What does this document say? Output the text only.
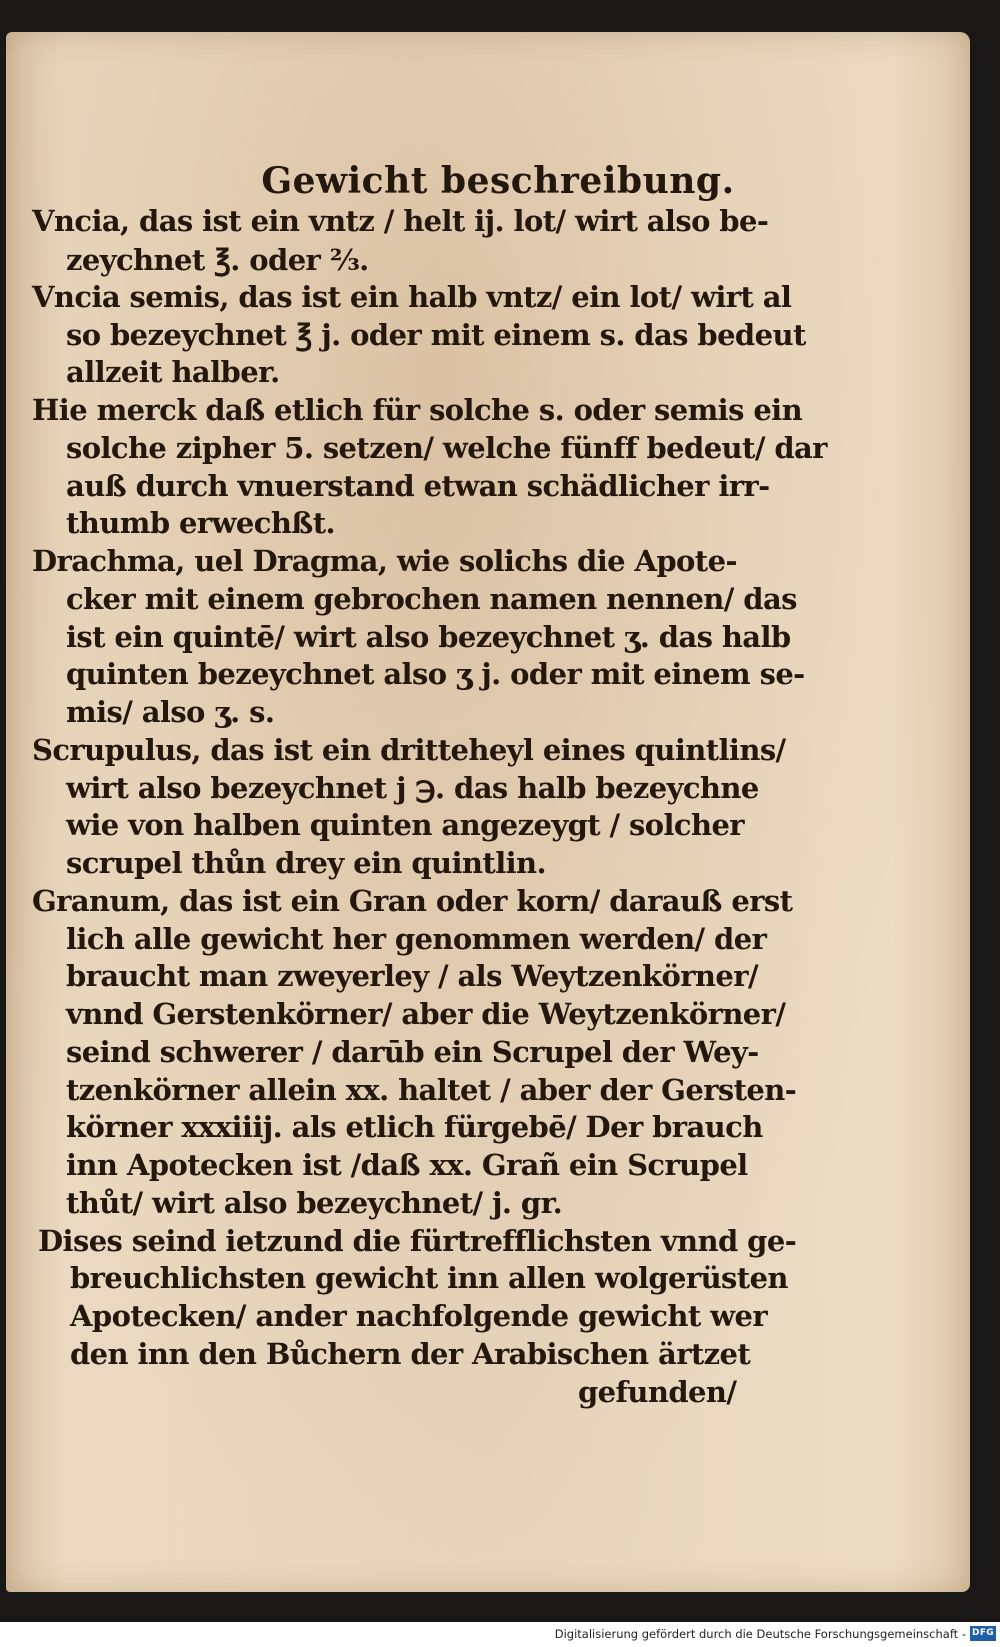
Gewicht beschreibung.
Vncia, das ist ein vntz / helt ij. lot/ wirt also be-
zeychnet ℥. oder ⅔.
Vncia semis, das ist ein halb vntz/ ein lot/ wirt al
so bezeychnet ℥ j. oder mit einem s. das bedeut
allzeit halber.
Hie merck daß etlich für solche s. oder semis ein
solche zipher 5. setzen/ welche fünff bedeut/ dar
auß durch vnuerstand etwan schädlicher irr-
thumb erwechßt.
Drachma, uel Dragma, wie solichs die Apote-
cker mit einem gebrochen namen nennen/ das
ist ein quintē/ wirt also bezeychnet ʒ. das halb
quinten bezeychnet also ʒ j. oder mit einem se-
mis/ also ʒ. s.
Scrupulus, das ist ein dritteheyl eines quintlins/
wirt also bezeychnet j ℈. das halb bezeychne
wie von halben quinten angezeygt / solcher
scrupel thůn drey ein quintlin.
Granum, das ist ein Gran oder korn/ darauß erst
lich alle gewicht her genommen werden/ der
braucht man zweyerley / als Weytzenkörner/
vnnd Gerstenkörner/ aber die Weytzenkörner/
seind schwerer / darūb ein Scrupel der Wey-
tzenkörner allein xx. haltet / aber der Gersten-
körner xxxiiij. als etlich fürgebē/ Der brauch
inn Apotecken ist /daß xx. Grañ ein Scrupel
thůt/ wirt also bezeychnet/ j. gr.
Dises seind ietzund die fürtrefflichsten vnnd ge-
breuchlichsten gewicht inn allen wolgerüsten
Apotecken/ ander nachfolgende gewicht wer
den inn den Bůchern der Arabischen ärtzet
gefunden/
Digitalisierung gefördert durch die Deutsche Forschungsgemeinschaft - DFG
